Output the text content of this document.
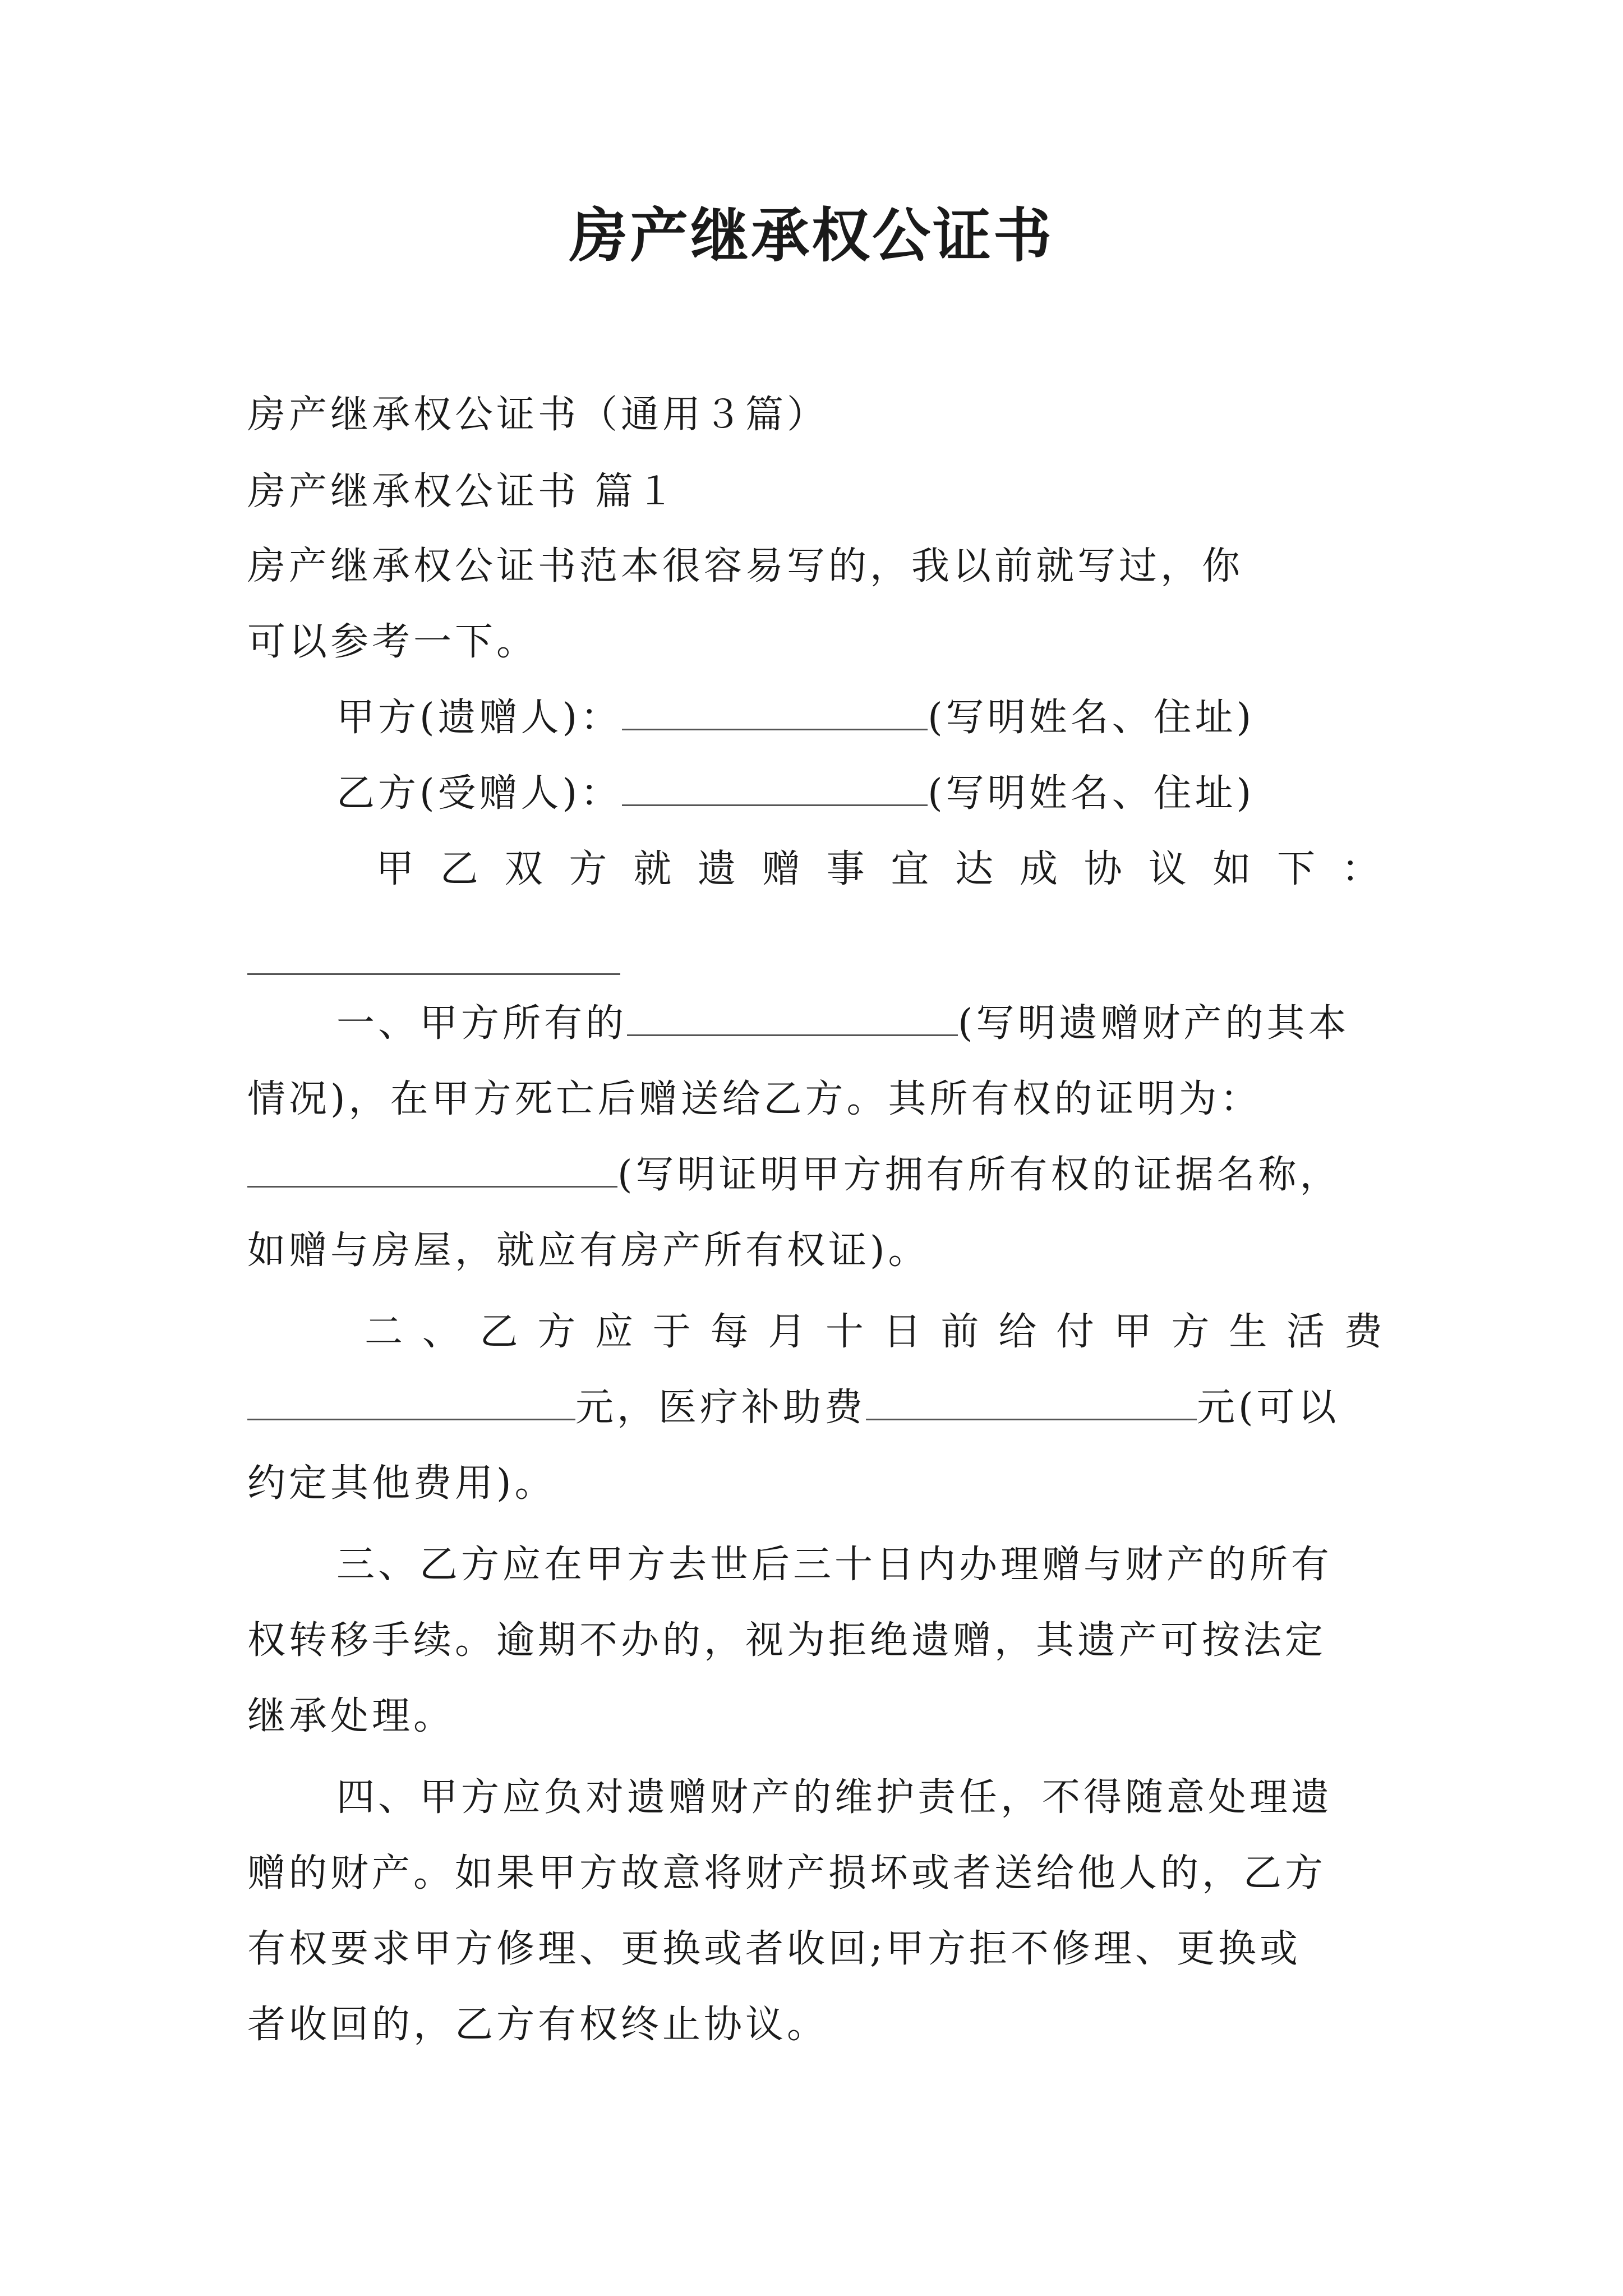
房产继承权公证书
房产继承权公证书（通用３篇）
房产继承权公证书 篇１
房产继承权公证书范本很容易写的，我以前就写过，你
可以参考一下。
甲方(遗赠人)：	(写明姓名、住址)
乙方(受赠人)：	(写明姓名、住址)
甲 乙 双 方 就 遗 赠 事 宜 达 成 协 议 如 下 ：
一、甲方所有的	(写明遗赠财产的其本
情况)，在甲方死亡后赠送给乙方。其所有权的证明为：
(写明证明甲方拥有所有权的证据名称，
如赠与房屋，就应有房产所有权证)。
二 、 乙 方 应 于 每 月 十 日 前 给 付 甲 方 生 活 费
元，医疗补助费	元(可以
约定其他费用)。
三、乙方应在甲方去世后三十日内办理赠与财产的所有
权转移手续。逾期不办的，视为拒绝遗赠，其遗产可按法定
继承处理。
四、甲方应负对遗赠财产的维护责任，不得随意处理遗
赠的财产。如果甲方故意将财产损坏或者送给他人的，乙方
有权要求甲方修理、更换或者收回;甲方拒不修理、更换或
者收回的，乙方有权终止协议。
